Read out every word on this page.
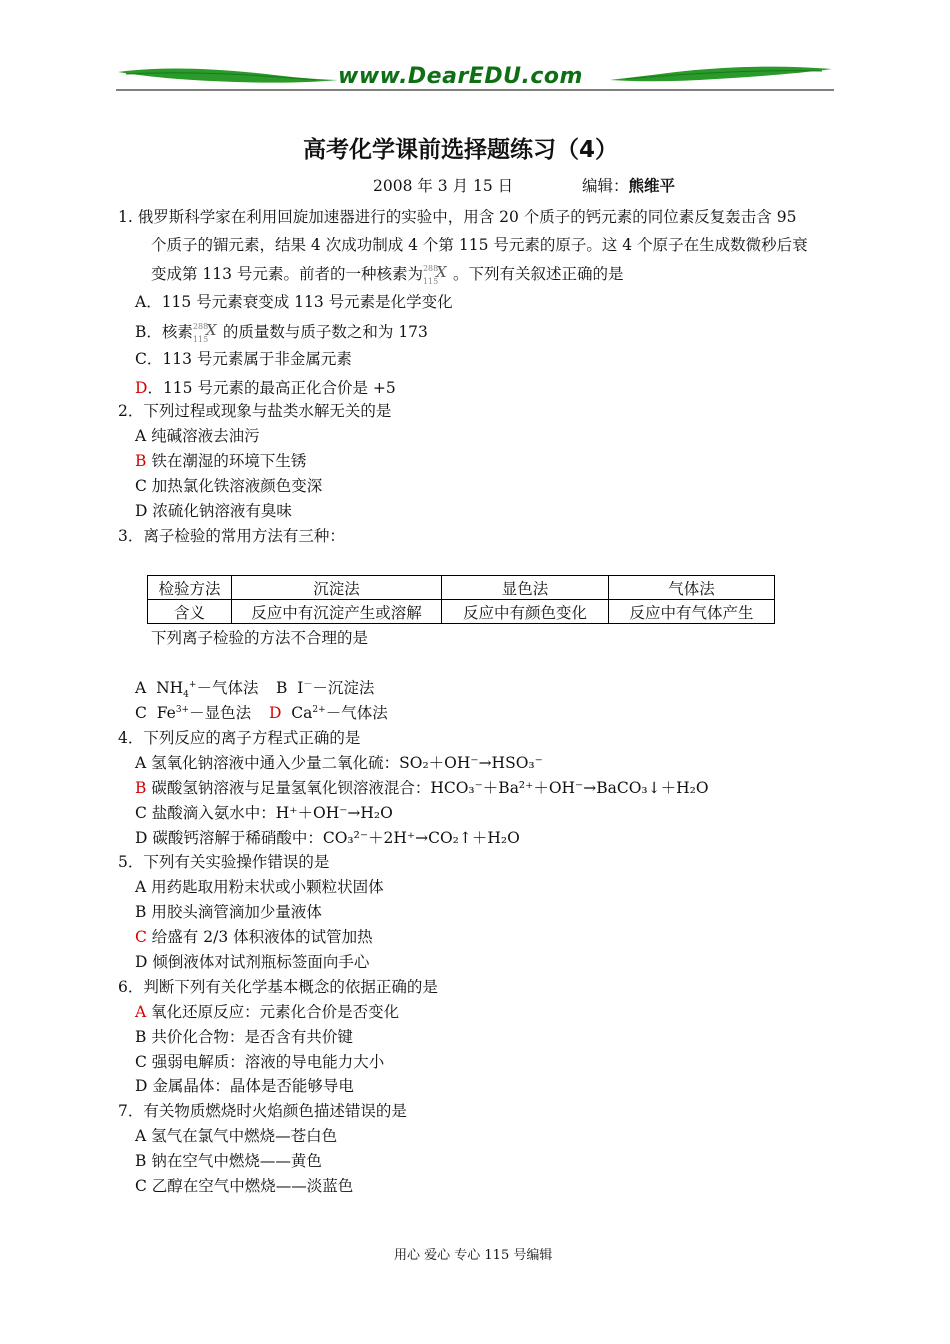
www.DearEDU.com
高考化学课前选择题练习（4）
2008 年 3 月 15 日	编辑：熊维平
1. 俄罗斯科学家在利用回旋加速器进行的实验中，用含 20 个质子的钙元素的同位素反复轰击含 95
个质子的镅元素，结果 4 次成功制成 4 个第 115 号元素的原子。这 4 个原子在生成数微秒后衰
变成第 113 号元素。前者的一种核素为 288
115
X 。下列有关叙述正确的是
A．115 号元素衰变成 113 号元素是化学变化
B．核素 288
115
X 的质量数与质子数之和为 173
C．113 号元素属于非金属元素
D．115 号元素的最高正化合价是 +5
2．下列过程或现象与盐类水解无关的是
A 纯碱溶液去油污
B 铁在潮湿的环境下生锈
C 加热氯化铁溶液颜色变深
D 浓硫化钠溶液有臭味
3．离子检验的常用方法有三种：
检验方法	沉淀法	显色法	气体法
含义	反应中有沉淀产生或溶解	反应中有颜色变化	反应中有气体产生
下列离子检验的方法不合理的是
A $NH_4^+-$气体法 B I－－沉淀法
C $Fe^{3+}-$显色法 D $Ca^{2+}-$气体法
4．下列反应的离子方程式正确的是
A 氢氧化钠溶液中通入少量二氧化硫：SO₂＋OH⁻→HSO₃⁻
B 碳酸氢钠溶液与足量氢氧化钡溶液混合：HCO₃⁻＋Ba²⁺＋OH⁻→BaCO₃↓＋H₂O
C 盐酸滴入氨水中：H⁺＋OH⁻→H₂O
D 碳酸钙溶解于稀硝酸中：CO₃²⁻＋2H⁺→CO₂↑＋H₂O
5．下列有关实验操作错误的是
A 用药匙取用粉末状或小颗粒状固体
B 用胶头滴管滴加少量液体
C 给盛有 2/3 体积液体的试管加热
D 倾倒液体对试剂瓶标签面向手心
6．判断下列有关化学基本概念的依据正确的是
A 氧化还原反应：元素化合价是否变化
B 共价化合物：是否含有共价键
C 强弱电解质：溶液的导电能力大小
D 金属晶体：晶体是否能够导电
7．有关物质燃烧时火焰颜色描述错误的是
A 氢气在氯气中燃烧—苍白色
B 钠在空气中燃烧——黄色
C 乙醇在空气中燃烧——淡蓝色
用心 爱心 专心 115 号编辑
